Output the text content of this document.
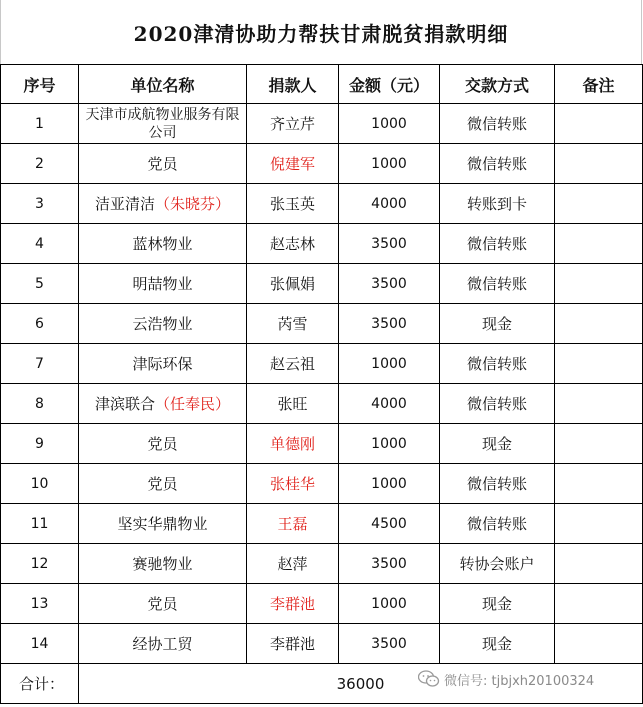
2020津清协助力帮扶甘肃脱贫捐款明细
序号	单位名称	捐款人	金额（元）	交款方式	备注
1	天津市成航物业服务有限公司	齐立芹	1000	微信转账	
2	党员	倪建军	1000	微信转账	
3	洁亚清洁（朱晓芬）	张玉英	4000	转账到卡	
4	蓝林物业	赵志林	3500	微信转账	
5	明喆物业	张佩娟	3500	微信转账	
6	云浩物业	芮雪	3500	现金	
7	津际环保	赵云祖	1000	微信转账	
8	津滨联合（任奉民）	张旺	4000	微信转账	
9	党员	单德刚	1000	现金	
10	党员	张桂华	1000	微信转账	
11	坚实华鼎物业	王磊	4500	微信转账	
12	赛驰物业	赵萍	3500	转协会账户	
13	党员	李群池	1000	现金	
14	经协工贸	李群池	3500	现金	
合计：	36000					微信号: tjbjxh20100324
